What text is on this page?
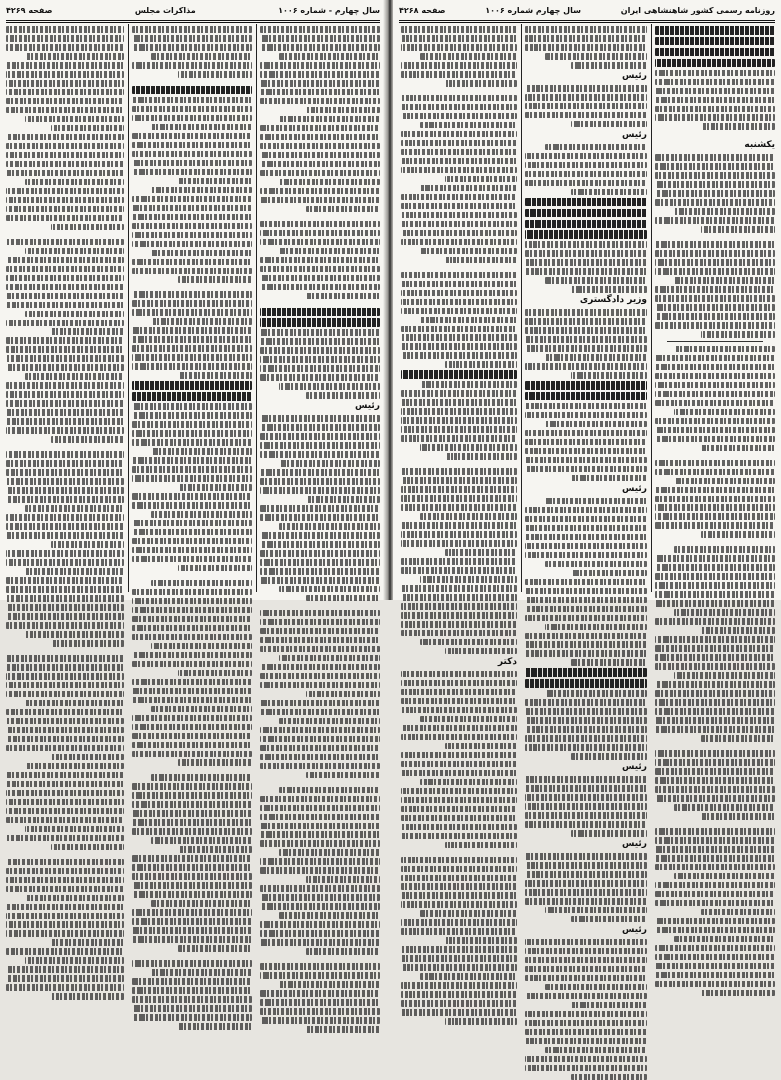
سال چهارم - شماره ۱۰۰۶
مذاکرات مجلس
صفحه ۴۲۶۹
رئیس
روزنامه رسمی کشور شاهنشاهی ایران
سال چهارم شماره ۱۰۰۶
صفحه ۴۲۶۸
دکتر
رئیس
رئیس
وزیر دادگستری
رئیس
رئیس
رئیس
رئیس
یکشنبه
